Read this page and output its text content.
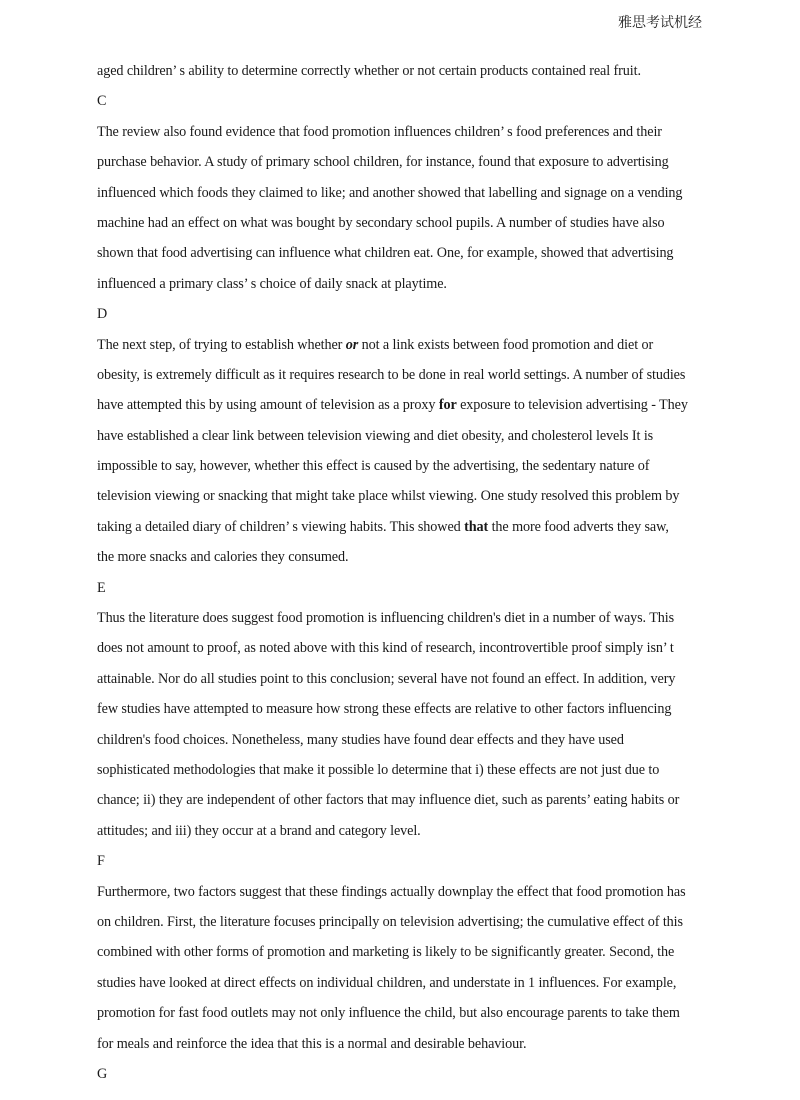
雅思考试机经
aged children’ s ability to determine correctly whether or not certain products contained real fruit.
C
The review also found evidence that food promotion influences children’ s food preferences and their
purchase behavior. A study of primary school children, for instance, found that exposure to advertising
influenced which foods they claimed to like; and another showed that labelling and signage on a vending
machine had an effect on what was bought by secondary school pupils. A number of studies have also
shown that food advertising can influence what children eat. One, for example, showed that advertising
influenced a primary class’ s choice of daily snack at playtime.
D
The next step, of trying to establish whether or not a link exists between food promotion and diet or
obesity, is extremely difficult as it requires research to be done in real world settings. A number of studies
have attempted this by using amount of television as a proxy for exposure to television advertising - They
have established a clear link between television viewing and diet obesity, and cholesterol levels It is
impossible to say, however, whether this effect is caused by the advertising, the sedentary nature of
television viewing or snacking that might take place whilst viewing. One study resolved this problem by
taking a detailed diary of children’ s viewing habits. This showed that the more food adverts they saw,
the more snacks and calories they consumed.
E
Thus the literature does suggest food promotion is influencing children's diet in a number of ways. This
does not amount to proof, as noted above with this kind of research, incontrovertible proof simply isn’ t
attainable. Nor do all studies point to this conclusion; several have not found an effect. In addition, very
few studies have attempted to measure how strong these effects are relative to other factors influencing
children's food choices. Nonetheless, many studies have found dear effects and they have used
sophisticated methodologies that make it possible lo determine that i) these effects are not just due to
chance; ii) they are independent of other factors that may influence diet, such as parents’ eating habits or
attitudes; and iii) they occur at a brand and category level.
F
Furthermore, two factors suggest that these findings actually downplay the effect that food promotion has
on children. First, the literature focuses principally on television advertising; the cumulative effect of this
combined with other forms of promotion and marketing is likely to be significantly greater. Second, the
studies have looked at direct effects on individual children, and understate in 1 influences. For example,
promotion for fast food outlets may not only influence the child, but also encourage parents to take them
for meals and reinforce the idea that this is a normal and desirable behaviour.
G
